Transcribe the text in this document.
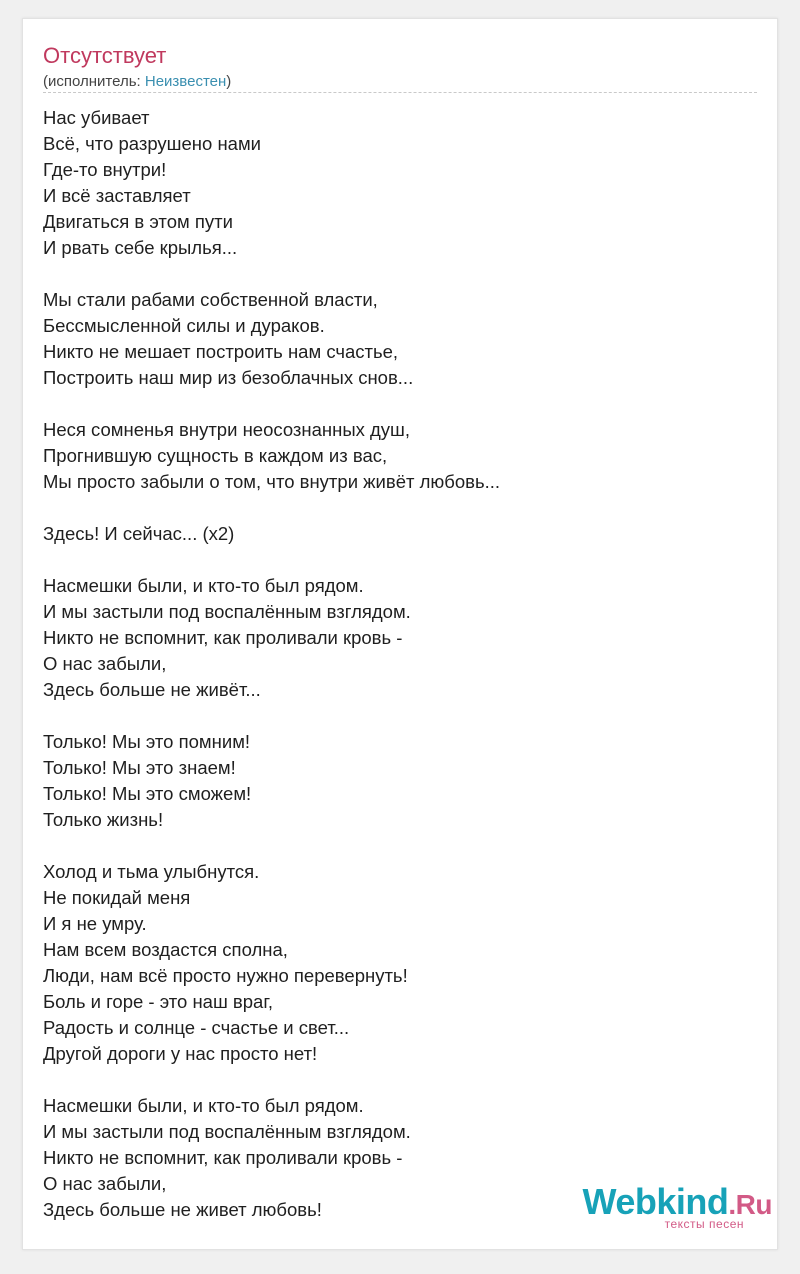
Отсутствует
(исполнитель: Неизвестен)
Нас убивает
Всё, что разрушено нами
Где-то внутри!
И всё заставляет
Двигаться в этом пути
И рвать себе крылья...

Мы стали рабами собственной власти,
Бессмысленной силы и дураков.
Никто не мешает построить нам счастье,
Построить наш мир из безоблачных снов...

Неся сомненья внутри неосознанных душ,
Прогнившую сущность в каждом из вас,
Мы просто забыли о том, что внутри живёт любовь...

Здесь! И сейчас... (x2)

Насмешки были, и кто-то был рядом.
И мы застыли под воспалённым взглядом.
Никто не вспомнит, как проливали кровь -
О нас забыли,
Здесь больше не живёт...

Только! Мы это помним!
Только! Мы это знаем!
Только! Мы это сможем!
Только жизнь!

Холод и тьма улыбнутся.
Не покидай меня
И я не умру.
Нам всем воздастся сполна,
Люди, нам всё просто нужно перевернуть!
Боль и горе - это наш враг,
Радость и солнце - счастье и свет...
Другой дороги у нас просто нет!

Насмешки были, и кто-то был рядом.
И мы застыли под воспалённым взглядом.
Никто не вспомнит, как проливали кровь -
О нас забыли,
Здесь больше не живет любовь!	Webkind.Ru
тексты песен
